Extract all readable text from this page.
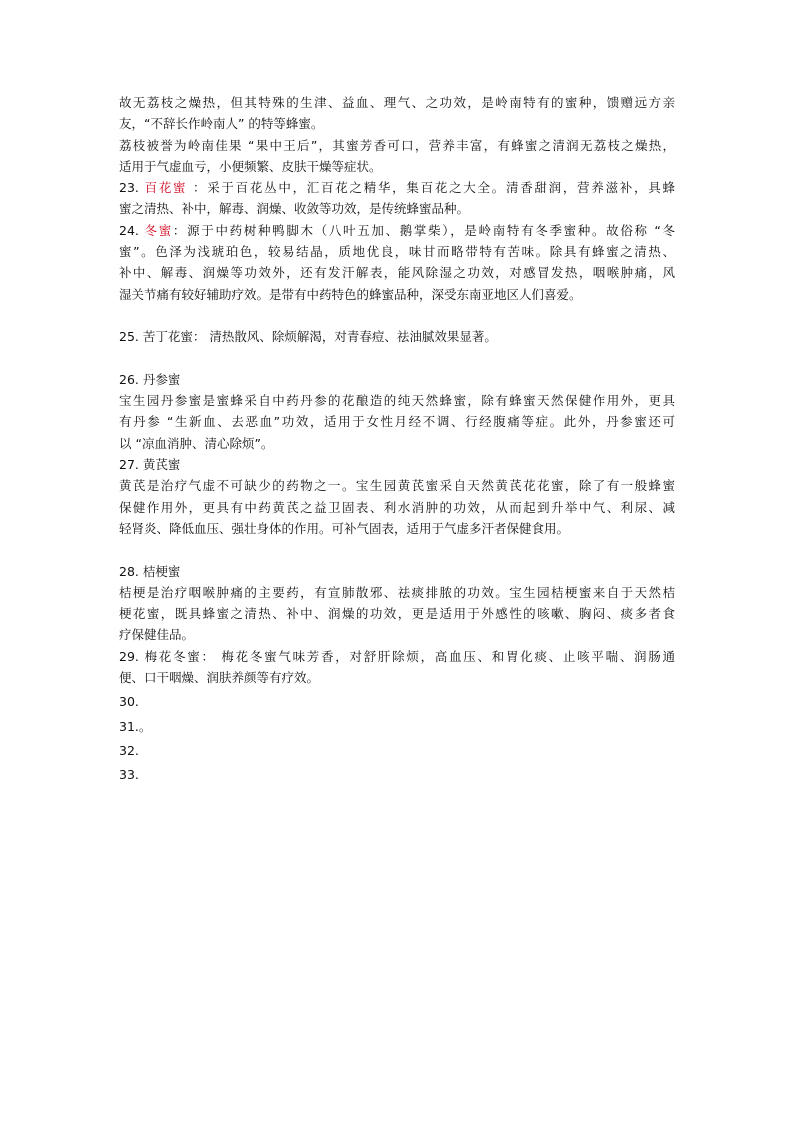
故无荔枝之燥热，但其特殊的生津、益血、理气、之功效，是岭南特有的蜜种，馈赠远方亲

友，“不辞长作岭南人” 的特等蜂蜜。

荔枝被誉为岭南佳果 “果中王后”，其蜜芳香可口，营养丰富，有蜂蜜之清润无荔枝之燥热，

适用于气虚血亏，小便频繁、皮肤干燥等症状。

23. 百花蜜 ：采于百花丛中，汇百花之精华，集百花之大全。清香甜润，营养滋补，具蜂

蜜之清热、补中，解毒、润燥、收敛等功效，是传统蜂蜜品种。

24. 冬蜜：源于中药树种鸭脚木（八叶五加、鹅掌柴），是岭南特有冬季蜜种。故俗称 “冬

蜜”。色泽为浅琥珀色，较易结晶，质地优良，味甘而略带特有苦味。除具有蜂蜜之清热、

补中、解毒、润燥等功效外，还有发汗解表，能风除湿之功效，对感冒发热，咽喉肿痛，风

湿关节痛有较好辅助疗效。是带有中药特色的蜂蜜品种，深受东南亚地区人们喜爱。

25. 苦丁花蜜： 清热散风、除烦解渴，对青春痘、祛油腻效果显著。

26. 丹参蜜

宝生园丹参蜜是蜜蜂采自中药丹参的花酿造的纯天然蜂蜜，除有蜂蜜天然保健作用外，更具

有丹参 “生新血、去恶血”功效，适用于女性月经不调、行经腹痛等症。此外，丹参蜜还可

以 “凉血消肿、清心除烦”。

27. 黄芪蜜

黄芪是治疗气虚不可缺少的药物之一。宝生园黄芪蜜采自天然黄芪花花蜜，除了有一般蜂蜜

保健作用外，更具有中药黄芪之益卫固表、利水消肿的功效，从而起到升举中气、利尿、减

轻肾炎、降低血压、强壮身体的作用。可补气固表，适用于气虚多汗者保健食用。

28. 桔梗蜜

桔梗是治疗咽喉肿痛的主要药，有宣肺散邪、祛痰排脓的功效。宝生园桔梗蜜来自于天然桔

梗花蜜，既具蜂蜜之清热、补中、润燥的功效，更是适用于外感性的咳嗽、胸闷、痰多者食

疗保健佳品。

29. 梅花冬蜜： 梅花冬蜜气味芳香，对舒肝除烦，高血压、和胃化痰、止咳平喘、润肠通

便、口干咽燥、润肤养颜等有疗效。

30.

31.。

32.

33.
